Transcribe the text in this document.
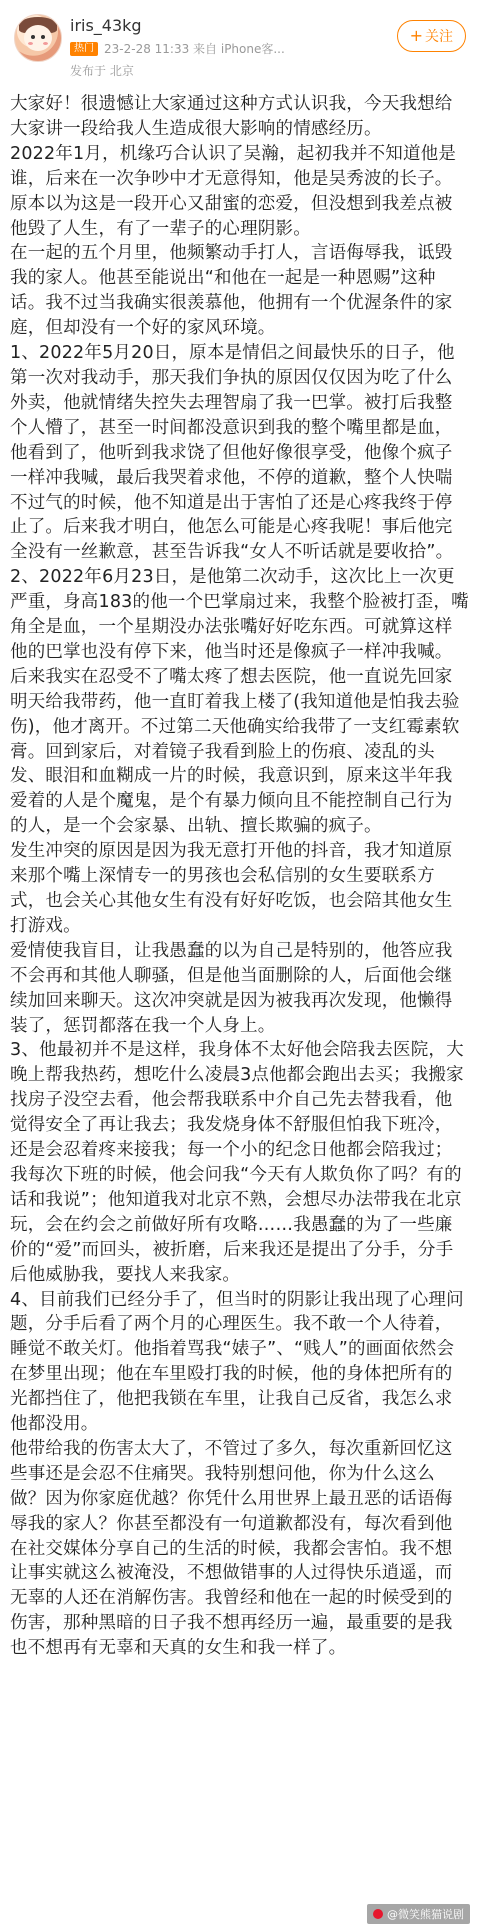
iris_43kg
热门 23-2-28 11:33 来自 iPhone客...
发布于 北京
+ 关注

大家好！很遗憾让大家通过这种方式认识我，今天我想给大家讲一段给我人生造成很大影响的情感经历。

2022年1月，机缘巧合认识了吴瀚，起初我并不知道他是谁，后来在一次争吵中才无意得知，他是吴秀波的长子。原本以为这是一段开心又甜蜜的恋爱，但没想到我差点被他毁了人生，有了一辈子的心理阴影。

在一起的五个月里，他频繁动手打人，言语侮辱我，诋毁我的家人。他甚至能说出“和他在一起是一种恩赐”这种话。我不过当我确实很羡慕他，他拥有一个优渥条件的家庭，但却没有一个好的家风环境。

1、2022年5月20日，原本是情侣之间最快乐的日子，他第一次对我动手，那天我们争执的原因仅仅因为吃了什么外卖，他就情绪失控失去理智扇了我一巴掌。被打后我整个人懵了，甚至一时间都没意识到我的整个嘴里都是血，他看到了，他听到我求饶了但他好像很享受，他像个疯子一样冲我喊，最后我哭着求他，不停的道歉，整个人快喘不过气的时候，他不知道是出于害怕了还是心疼我终于停止了。后来我才明白，他怎么可能是心疼我呢！事后他完全没有一丝歉意，甚至告诉我“女人不听话就是要收拾”。

2、2022年6月23日，是他第二次动手，这次比上一次更严重，身高183的他一个巴掌扇过来，我整个脸被打歪，嘴角全是血，一个星期没办法张嘴好好吃东西。可就算这样他的巴掌也没有停下来，他当时还是像疯子一样冲我喊。后来我实在忍受不了嘴太疼了想去医院，他一直说先回家明天给我带药，他一直盯着我上楼了(我知道他是怕我去验伤)，他才离开。不过第二天他确实给我带了一支红霉素软膏。回到家后，对着镜子我看到脸上的伤痕、凌乱的头发、眼泪和血糊成一片的时候，我意识到，原来这半年我爱着的人是个魔鬼，是个有暴力倾向且不能控制自己行为的人，是一个会家暴、出轨、擅长欺骗的疯子。

发生冲突的原因是因为我无意打开他的抖音，我才知道原来那个嘴上深情专一的男孩也会私信别的女生要联系方式，也会关心其他女生有没有好好吃饭，也会陪其他女生打游戏。

爱情使我盲目，让我愚蠢的以为自己是特别的，他答应我不会再和其他人聊骚，但是他当面删除的人，后面他会继续加回来聊天。这次冲突就是因为被我再次发现，他懒得装了，惩罚都落在我一个人身上。

3、他最初并不是这样，我身体不太好他会陪我去医院，大晚上帮我热药，想吃什么凌晨3点他都会跑出去买；我搬家找房子没空去看，他会帮我联系中介自己先去替我看，他觉得安全了再让我去；我发烧身体不舒服但怕我下班冷，还是会忍着疼来接我；每一个小的纪念日他都会陪我过；我每次下班的时候，他会问我“今天有人欺负你了吗？有的话和我说”；他知道我对北京不熟，会想尽办法带我在北京玩，会在约会之前做好所有攻略……我愚蠢的为了一些廉价的“爱”而回头，被折磨，后来我还是提出了分手，分手后他威胁我，要找人来我家。

4、目前我们已经分手了，但当时的阴影让我出现了心理问题，分手后看了两个月的心理医生。我不敢一个人待着，睡觉不敢关灯。他指着骂我“婊子”、“贱人”的画面依然会在梦里出现；他在车里殴打我的时候，他的身体把所有的光都挡住了，他把我锁在车里，让我自己反省，我怎么求他都没用。

他带给我的伤害太大了，不管过了多久，每次重新回忆这些事还是会忍不住痛哭。我特别想问他，你为什么这么做？因为你家庭优越？你凭什么用世界上最丑恶的话语侮辱我的家人？你甚至都没有一句道歉都没有，每次看到他在社交媒体分享自己的生活的时候，我都会害怕。我不想让事实就这么被淹没，不想做错事的人过得快乐逍遥，而无辜的人还在消解伤害。我曾经和他在一起的时候受到的伤害，那种黑暗的日子我不想再经历一遍，最重要的是我也不想再有无辜和天真的女生和我一样了。

@微笑熊猫说剧
